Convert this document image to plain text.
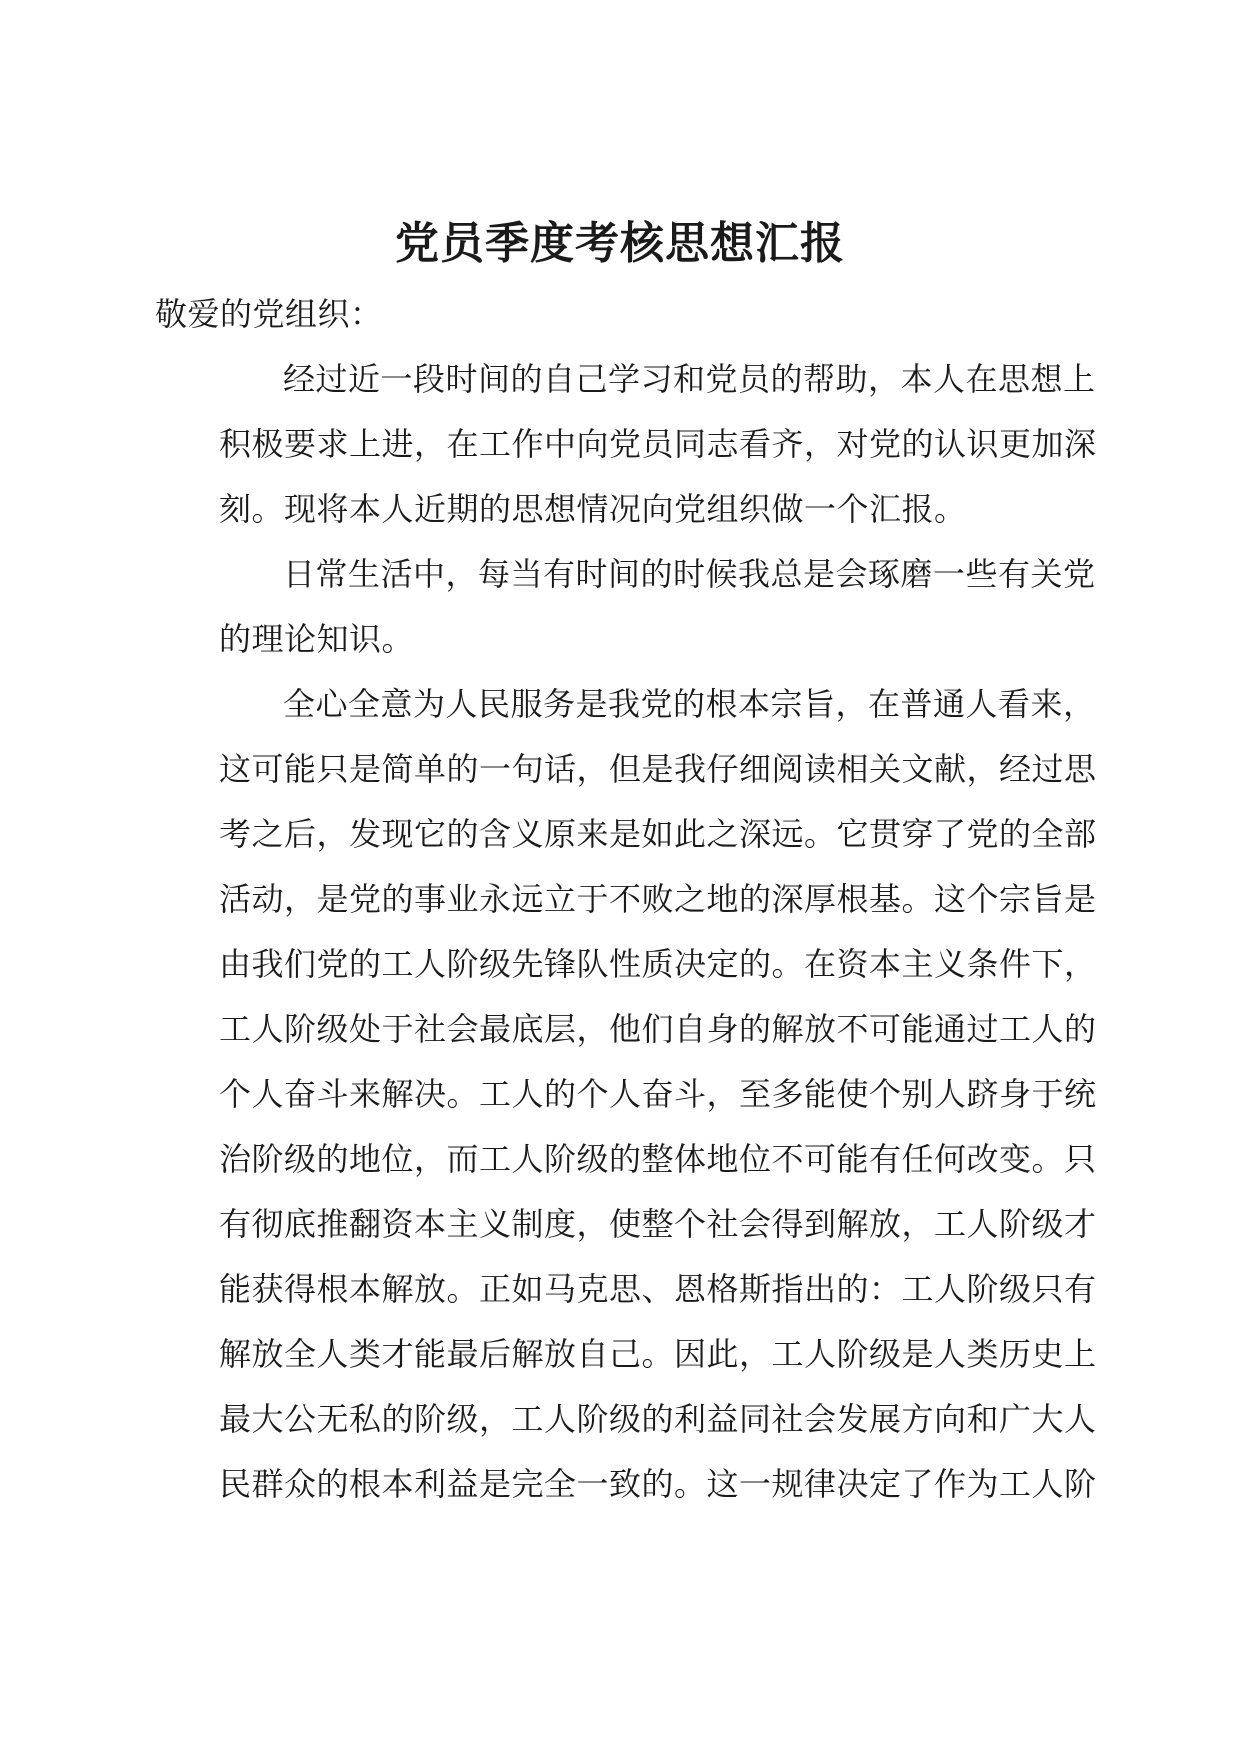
党员季度考核思想汇报
敬爱的党组织：
经过近一段时间的自己学习和党员的帮助，本人在思想上
积极要求上进，在工作中向党员同志看齐，对党的认识更加深
刻。现将本人近期的思想情况向党组织做一个汇报。
日常生活中，每当有时间的时候我总是会琢磨一些有关党
的理论知识。
全心全意为人民服务是我党的根本宗旨，在普通人看来，
这可能只是简单的一句话，但是我仔细阅读相关文献，经过思
考之后，发现它的含义原来是如此之深远。它贯穿了党的全部
活动，是党的事业永远立于不败之地的深厚根基。这个宗旨是
由我们党的工人阶级先锋队性质决定的。在资本主义条件下，
工人阶级处于社会最底层，他们自身的解放不可能通过工人的
个人奋斗来解决。工人的个人奋斗，至多能使个别人跻身于统
治阶级的地位，而工人阶级的整体地位不可能有任何改变。只
有彻底推翻资本主义制度，使整个社会得到解放，工人阶级才
能获得根本解放。正如马克思、恩格斯指出的：工人阶级只有
解放全人类才能最后解放自己。因此，工人阶级是人类历史上
最大公无私的阶级，工人阶级的利益同社会发展方向和广大人
民群众的根本利益是完全一致的。这一规律决定了作为工人阶
